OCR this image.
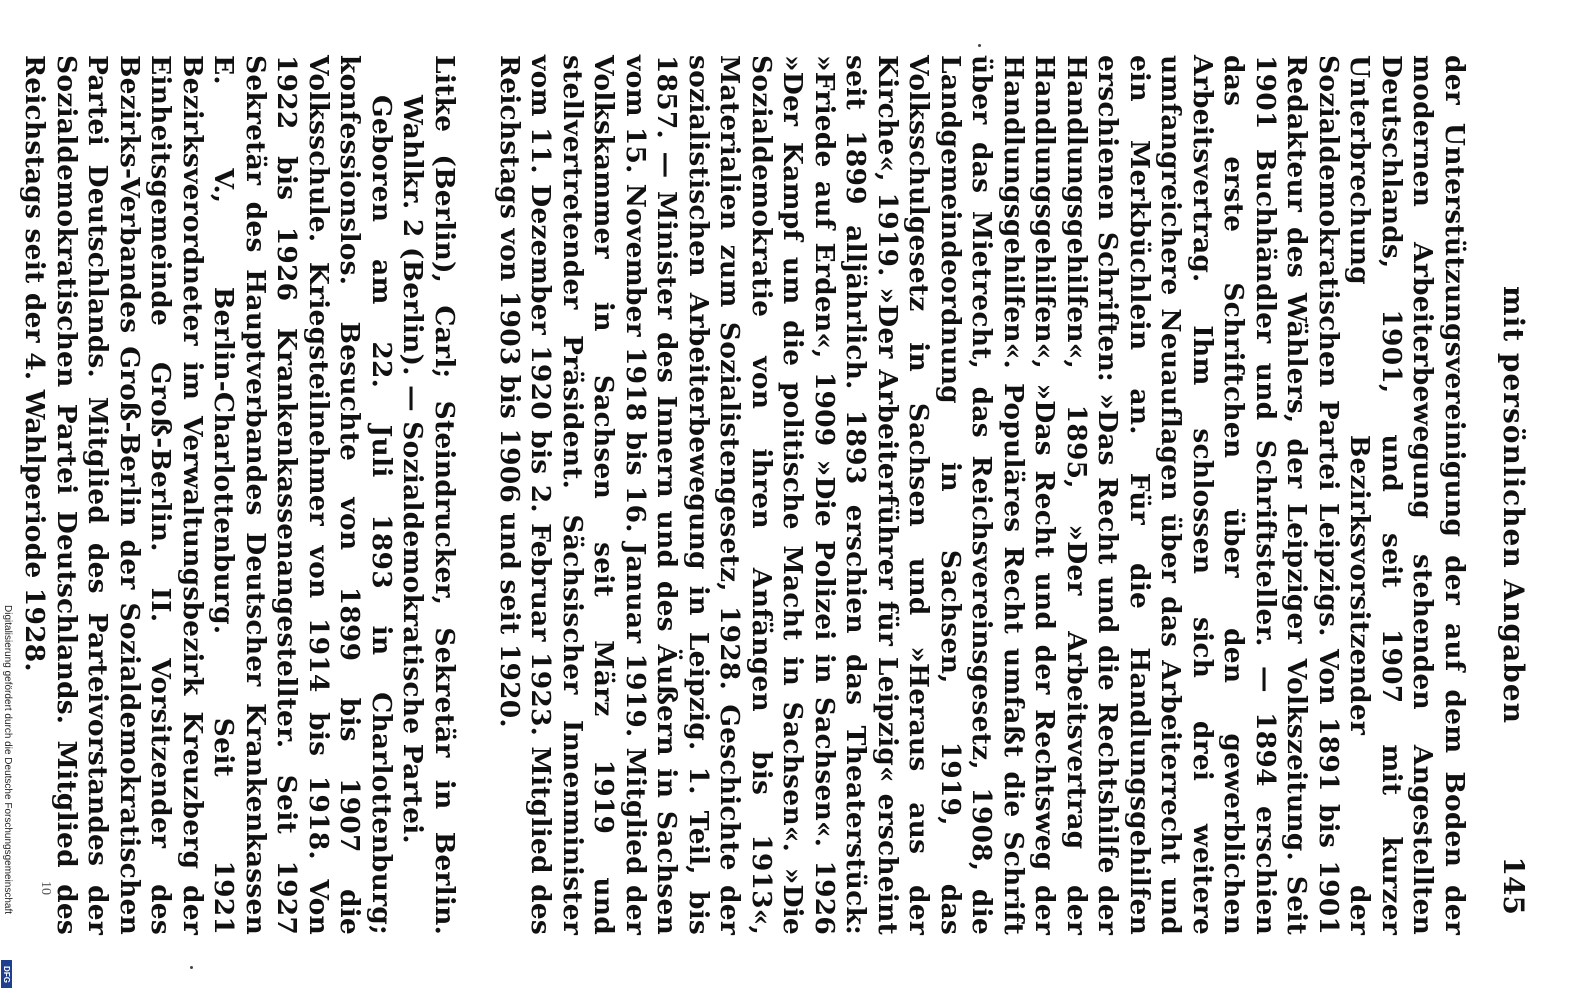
mit persönlichen Angaben
145

der Unterstützungsvereinigung der auf dem Boden der modernen Arbeiterbewegung stehenden Angestellten Deutschlands, 1901, und seit 1907 mit kurzer Unterbrechung Bezirksvorsitzender der Sozialdemokratischen Partei Leipzigs. Von 1891 bis 1901 Redakteur des Wählers, der Leipziger Volkszeitung. Seit 1901 Buchhändler und Schriftsteller. — 1894 erschien das erste Schriftchen über den gewerblichen Arbeitsvertrag. Ihm schlossen sich drei weitere umfangreichere Neuauflagen über das Arbeiterrecht und ein Merkbüchlein an. Für die Handlungsgehilfen erschienen Schriften: »Das Recht und die Rechtshilfe der Handlungsgehilfen«, 1895, »Der Arbeitsvertrag der Handlungsgehilfen«, »Das Recht und der Rechtsweg der Handlungsgehilfen«. Populäres Recht umfaßt die Schrift über das Mietrecht, das Reichsvereinsgesetz, 1908, die Landgemeindeordnung in Sachsen, 1919, das Volksschulgesetz in Sachsen und »Heraus aus der Kirche«, 1919. »Der Arbeiterführer für Leipzig« erscheint seit 1899 alljährlich. 1893 erschien das Theaterstück: »Friede auf Erden«, 1909 »Die Polizei in Sachsen«. 1926 »Der Kampf um die politische Macht in Sachsen«. »Die Sozialdemokratie von ihren Anfängen bis 1913«, Materialien zum Sozialistengesetz, 1928. Geschichte der sozialistischen Arbeiterbewegung in Leipzig. 1. Teil, bis 1857. — Minister des Innern und des Äußern in Sachsen vom 15. November 1918 bis 16. Januar 1919. Mitglied der Volkskammer in Sachsen seit März 1919 und stellvertretender Präsident. Sächsischer Innenminister vom 11. Dezember 1920 bis 2. Februar 1923. Mitglied des Reichstags von 1903 bis 1906 und seit 1920.

Litke (Berlin), Carl; Steindrucker, Sekretär in Berlin. Wahlkr. 2 (Berlin). — Sozialdemokratische Partei.

Geboren am 22. Juli 1893 in Charlottenburg; konfessionslos. Besuchte von 1899 bis 1907 die Volksschule. Kriegsteilnehmer von 1914 bis 1918. Von 1922 bis 1926 Krankenkassenangestellter. Seit 1927 Sekretär des Hauptverbandes Deutscher Krankenkassen E. V., Berlin-Charlottenburg. Seit 1921 Bezirksverordneter im Verwaltungsbezirk Kreuzberg der Einheitsgemeinde Groß-Berlin. II. Vorsitzender des Bezirks-Verbandes Groß-Berlin der Sozialdemokratischen Partei Deutschlands. Mitglied des Parteivorstandes der Sozialdemokratischen Partei Deutschlands. Mitglied des Reichstags seit der 4. Wahlperiode 1928.

Digitalisierung gefördert durch die Deutsche Forschungsgemeinschaft
DFG
10
